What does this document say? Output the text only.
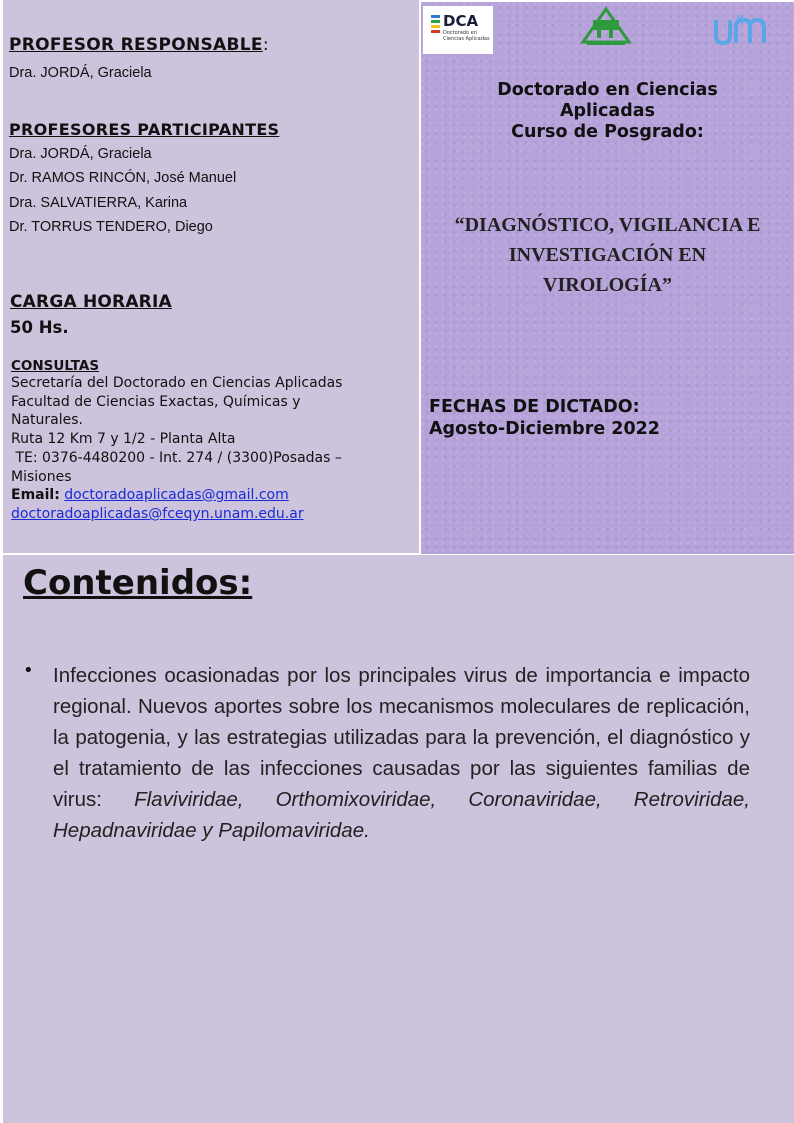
PROFESOR RESPONSABLE:
Dra. JORDÁ, Graciela
PROFESORES PARTICIPANTES
Dra. JORDÁ, Graciela
Dr. RAMOS RINCÓN, José Manuel
Dra. SALVATIERRA, Karina
Dr. TORRUS TENDERO, Diego
CARGA HORARIA
50 Hs.
CONSULTAS
Secretaría del Doctorado en Ciencias Aplicadas
Facultad de Ciencias Exactas, Químicas y
Naturales.
Ruta 12 Km 7 y 1/2 - Planta Alta
TE: 0376-4480200 - Int. 274 / (3300)Posadas –
Misiones
Email: doctoradoaplicadas@gmail.com
doctoradoaplicadas@fceqyn.unam.edu.ar
DCA
Doctorado en Ciencias Aplicadas
Doctorado en Ciencias
Aplicadas
Curso de Posgrado:
“DIAGNÓSTICO, VIGILANCIA E
INVESTIGACIÓN EN
VIROLOGÍA”
FECHAS DE DICTADO:
Agosto-Diciembre 2022
Contenidos:
• Infecciones ocasionadas por los principales virus de importancia e impacto regional. Nuevos aportes sobre los mecanismos moleculares de replicación, la patogenia, y las estrategias utilizadas para la prevención, el diagnóstico y el tratamiento de las infecciones causadas por las siguientes familias de virus: Flaviviridae, Orthomixoviridae, Coronaviridae, Retroviridae, Hepadnaviridae y Papilomaviridae.
